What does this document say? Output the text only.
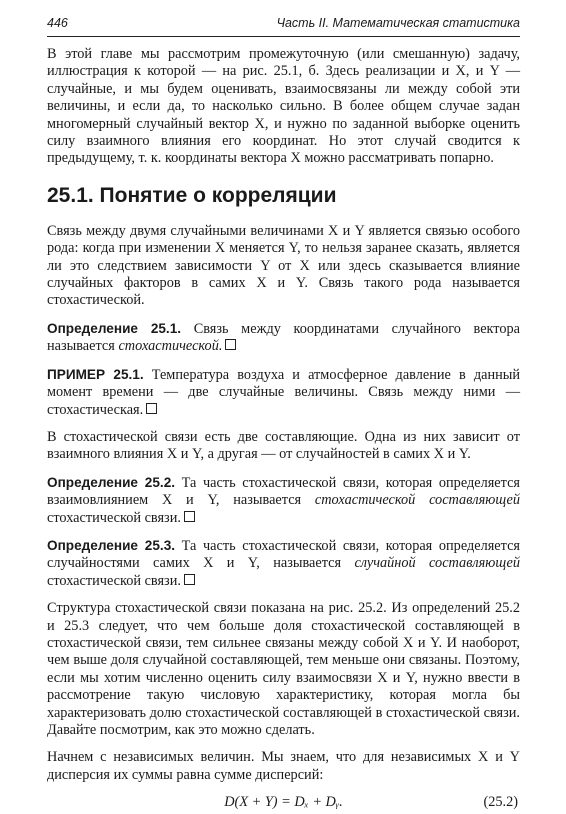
446	Часть II. Математическая статистика

В этой главе мы рассмотрим промежуточную (или смешанную) задачу, иллюстрация к которой — на рис. 25.1, б. Здесь реализации и X, и Y — случайные, и мы будем оценивать, взаимосвязаны ли между собой эти величины, и если да, то насколько сильно. В более общем случае задан многомерный случайный вектор X, и нужно по заданной выборке оценить силу взаимного влияния его координат. Но этот случай сводится к предыдущему, т. к. координаты вектора X можно рассматривать попарно.

25.1. Понятие о корреляции

Связь между двумя случайными величинами X и Y является связью особого рода: когда при изменении X меняется Y, то нельзя заранее сказать, является ли это следствием зависимости Y от X или здесь сказывается влияние случайных факторов в самих X и Y. Связь такого рода называется стохастической.

Определение 25.1. Связь между координатами случайного вектора называется стохастической.

ПРИМЕР 25.1. Температура воздуха и атмосферное давление в данный момент времени — две случайные величины. Связь между ними — стохастическая.

В стохастической связи есть две составляющие. Одна из них зависит от взаимного влияния X и Y, а другая — от случайностей в самих X и Y.

Определение 25.2. Та часть стохастической связи, которая определяется взаимовлиянием X и Y, называется стохастической составляющей стохастической связи.

Определение 25.3. Та часть стохастической связи, которая определяется случайностями самих X и Y, называется случайной составляющей стохастической связи.

Структура стохастической связи показана на рис. 25.2. Из определений 25.2 и 25.3 следует, что чем больше доля стохастической составляющей в стохастической связи, тем сильнее связаны между собой X и Y. И наоборот, чем выше доля случайной составляющей, тем меньше они связаны. Поэтому, если мы хотим численно оценить силу взаимосвязи X и Y, нужно ввести в рассмотрение такую числовую характеристику, которая могла бы характеризовать долю стохастической составляющей в стохастической связи. Давайте посмотрим, как это можно сделать.

Начнем с независимых величин. Мы знаем, что для независимых X и Y дисперсия их суммы равна сумме дисперсий:

D(X + Y) = Dₓ + Dᵧ.	(25.2)
